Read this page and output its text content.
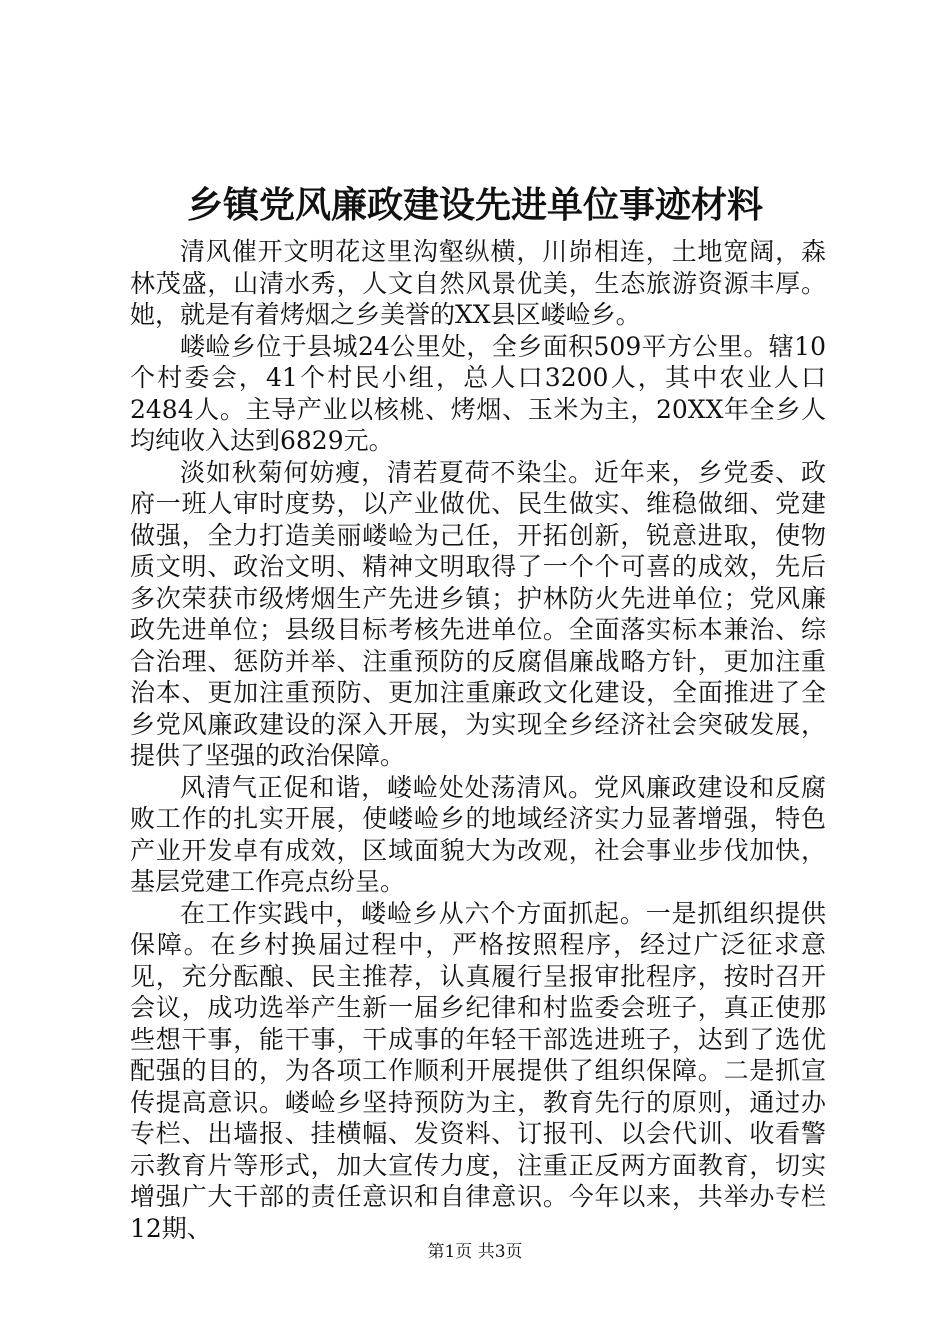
乡镇党风廉政建设先进单位事迹材料

清风催开文明花这里沟壑纵横，川峁相连，土地宽阔，森林茂盛，山清水秀，人文自然风景优美，生态旅游资源丰厚。她，就是有着烤烟之乡美誉的XX县区嵝崄乡。

嵝崄乡位于县城24公里处，全乡面积509平方公里。辖10个村委会，41个村民小组，总人口3200人，其中农业人口2484人。主导产业以核桃、烤烟、玉米为主，20XX年全乡人均纯收入达到6829元。

淡如秋菊何妨瘦，清若夏荷不染尘。近年来，乡党委、政府一班人审时度势，以产业做优、民生做实、维稳做细、党建做强，全力打造美丽嵝崄为己任，开拓创新，锐意进取，使物质文明、政治文明、精神文明取得了一个个可喜的成效，先后多次荣获市级烤烟生产先进乡镇；护林防火先进单位；党风廉政先进单位；县级目标考核先进单位。全面落实标本兼治、综合治理、惩防并举、注重预防的反腐倡廉战略方针，更加注重治本、更加注重预防、更加注重廉政文化建设，全面推进了全乡党风廉政建设的深入开展，为实现全乡经济社会突破发展，提供了坚强的政治保障。

风清气正促和谐，嵝崄处处荡清风。党风廉政建设和反腐败工作的扎实开展，使嵝崄乡的地域经济实力显著增强，特色产业开发卓有成效，区域面貌大为改观，社会事业步伐加快，基层党建工作亮点纷呈。

在工作实践中，嵝崄乡从六个方面抓起。一是抓组织提供保障。在乡村换届过程中，严格按照程序，经过广泛征求意见，充分酝酿、民主推荐，认真履行呈报审批程序，按时召开会议，成功选举产生新一届乡纪律和村监委会班子，真正使那些想干事，能干事，干成事的年轻干部选进班子，达到了选优配强的目的，为各项工作顺利开展提供了组织保障。二是抓宣传提高意识。嵝崄乡坚持预防为主，教育先行的原则，通过办专栏、出墙报、挂横幅、发资料、订报刊、以会代训、收看警示教育片等形式，加大宣传力度，注重正反两方面教育，切实增强广大干部的责任意识和自律意识。今年以来，共举办专栏12期、

第1页 共3页
